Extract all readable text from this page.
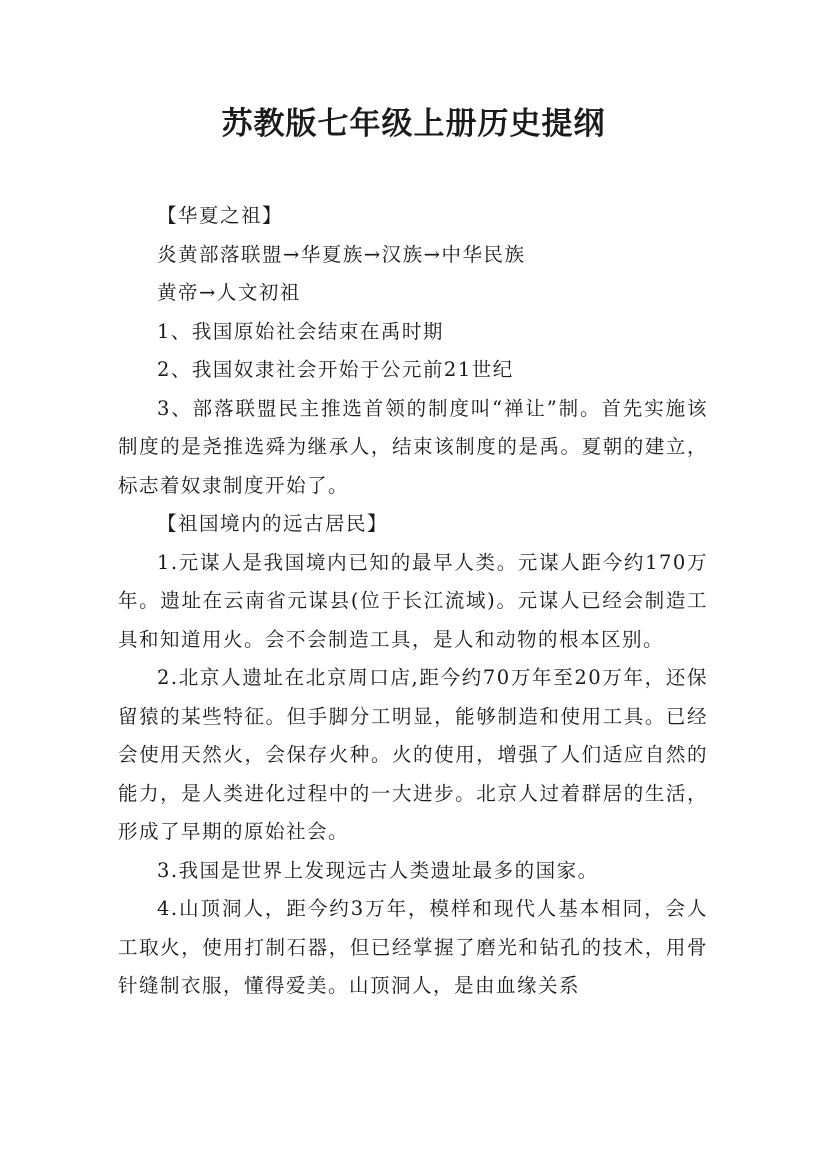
苏教版七年级上册历史提纲

【华夏之祖】

炎黄部落联盟→华夏族→汉族→中华民族

黄帝→人文初祖

1、我国原始社会结束在禹时期

2、我国奴隶社会开始于公元前21世纪

3、部落联盟民主推选首领的制度叫“禅让”制。首先实施该制度的是尧推选舜为继承人，结束该制度的是禹。夏朝的建立，标志着奴隶制度开始了。

【祖国境内的远古居民】

1.元谋人是我国境内已知的最早人类。元谋人距今约170万年。遗址在云南省元谋县(位于长江流域)。元谋人已经会制造工具和知道用火。会不会制造工具，是人和动物的根本区别。

2.北京人遗址在北京周口店,距今约70万年至20万年，还保留猿的某些特征。但手脚分工明显，能够制造和使用工具。已经会使用天然火，会保存火种。火的使用，增强了人们适应自然的能力，是人类进化过程中的一大进步。北京人过着群居的生活，形成了早期的原始社会。

3.我国是世界上发现远古人类遗址最多的国家。

4.山顶洞人，距今约3万年，模样和现代人基本相同，会人工取火，使用打制石器，但已经掌握了磨光和钻孔的技术，用骨针缝制衣服，懂得爱美。山顶洞人，是由血缘关系
